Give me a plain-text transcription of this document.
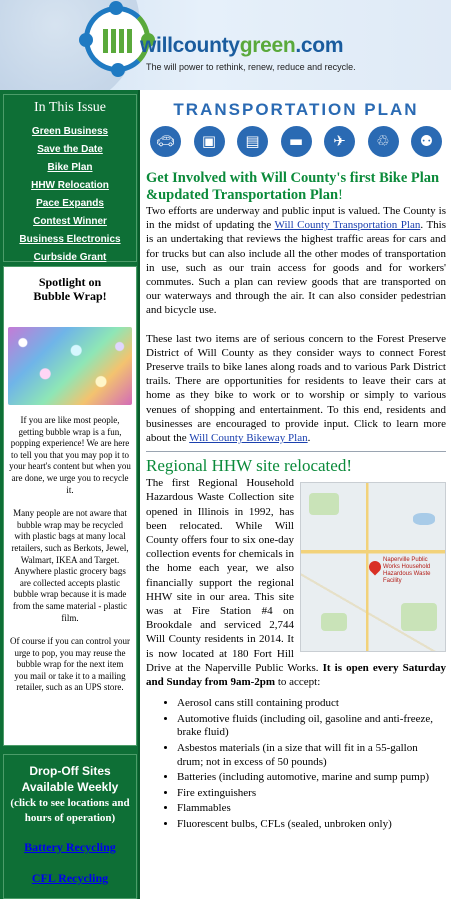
willcountygreen.com
The will power to rethink, renew, reduce and recycle.
In This Issue
Green Business
Save the Date
Bike Plan
HHW Relocation
Pace Expands
Contest Winner
Business Electronics
Curbside Grant
Spotlight on
Bubble Wrap!

If you are like most people, getting bubble wrap is a fun, popping experience! We are here to tell you that you may pop it to your heart's content but when you are done, we urge you to recycle it.

Many people are not aware that bubble wrap may be recycled with plastic bags at many local retailers, such as Berkots, Jewel, Walmart, IKEA and Target. Anywhere plastic grocery bags are collected accepts plastic bubble wrap because it is made from the same material - plastic film.

Of course if you can control your urge to pop, you may reuse the bubble wrap for the next item you mail or take it to a mailing retailer, such as an UPS store.

Drop-Off Sites
Available Weekly
(click to see locations and hours of operation)
Battery Recycling
CFL Recycling
TRANSPORTATION PLAN
🚗︎	▣	▤	▬	✈	♲	⚉
Get Involved with Will County's first Bike Plan &updated Transportation Plan!

Two efforts are underway and public input is valued. The County is in the midst of updating the Will County Transportation Plan. This is an undertaking that reviews the highest traffic areas for cars and for trucks but can also include all the other modes of transportation in use, such as our train access for goods and for workers' commutes. Such a plan can review goods that are transported on our waterways and through the air. It can also consider pedestrian and bicycle use.

These last two items are of serious concern to the Forest Preserve District of Will County as they consider ways to connect Forest Preserve trails to bike lanes along roads and to various Park District trails. There are opportunities for residents to leave their cars at home as they bike to work or to worship or simply to various venues of shopping and entertainment. To this end, residents and businesses are encouraged to provide input. Click to learn more about the Will County Bikeway Plan.

Regional HHW site relocated!
Naperville Public Works Household Hazardous Waste Facility

The first Regional Household Hazardous Waste Collection site opened in Illinois in 1992, has been relocated. While Will County offers four to six one-day collection events for chemicals in the home each year, we also financially support the regional HHW site in our area. This site was at Fire Station #4 on Brookdale and serviced 2,744 Will County residents in 2014. It is now located at 180 Fort Hill Drive at the Naperville Public Works. It is open every Saturday and Sunday from 9am-2pm to accept:

• Aerosol cans still containing product
• Automotive fluids (including oil, gasoline and anti-freeze, brake fluid)
• Asbestos materials (in a size that will fit in a 55-gallon drum; not in excess of 50 pounds)
• Batteries (including automotive, marine and sump pump)
• Fire extinguishers
• Flammables
• Fluorescent bulbs, CFLs (sealed, unbroken only)
